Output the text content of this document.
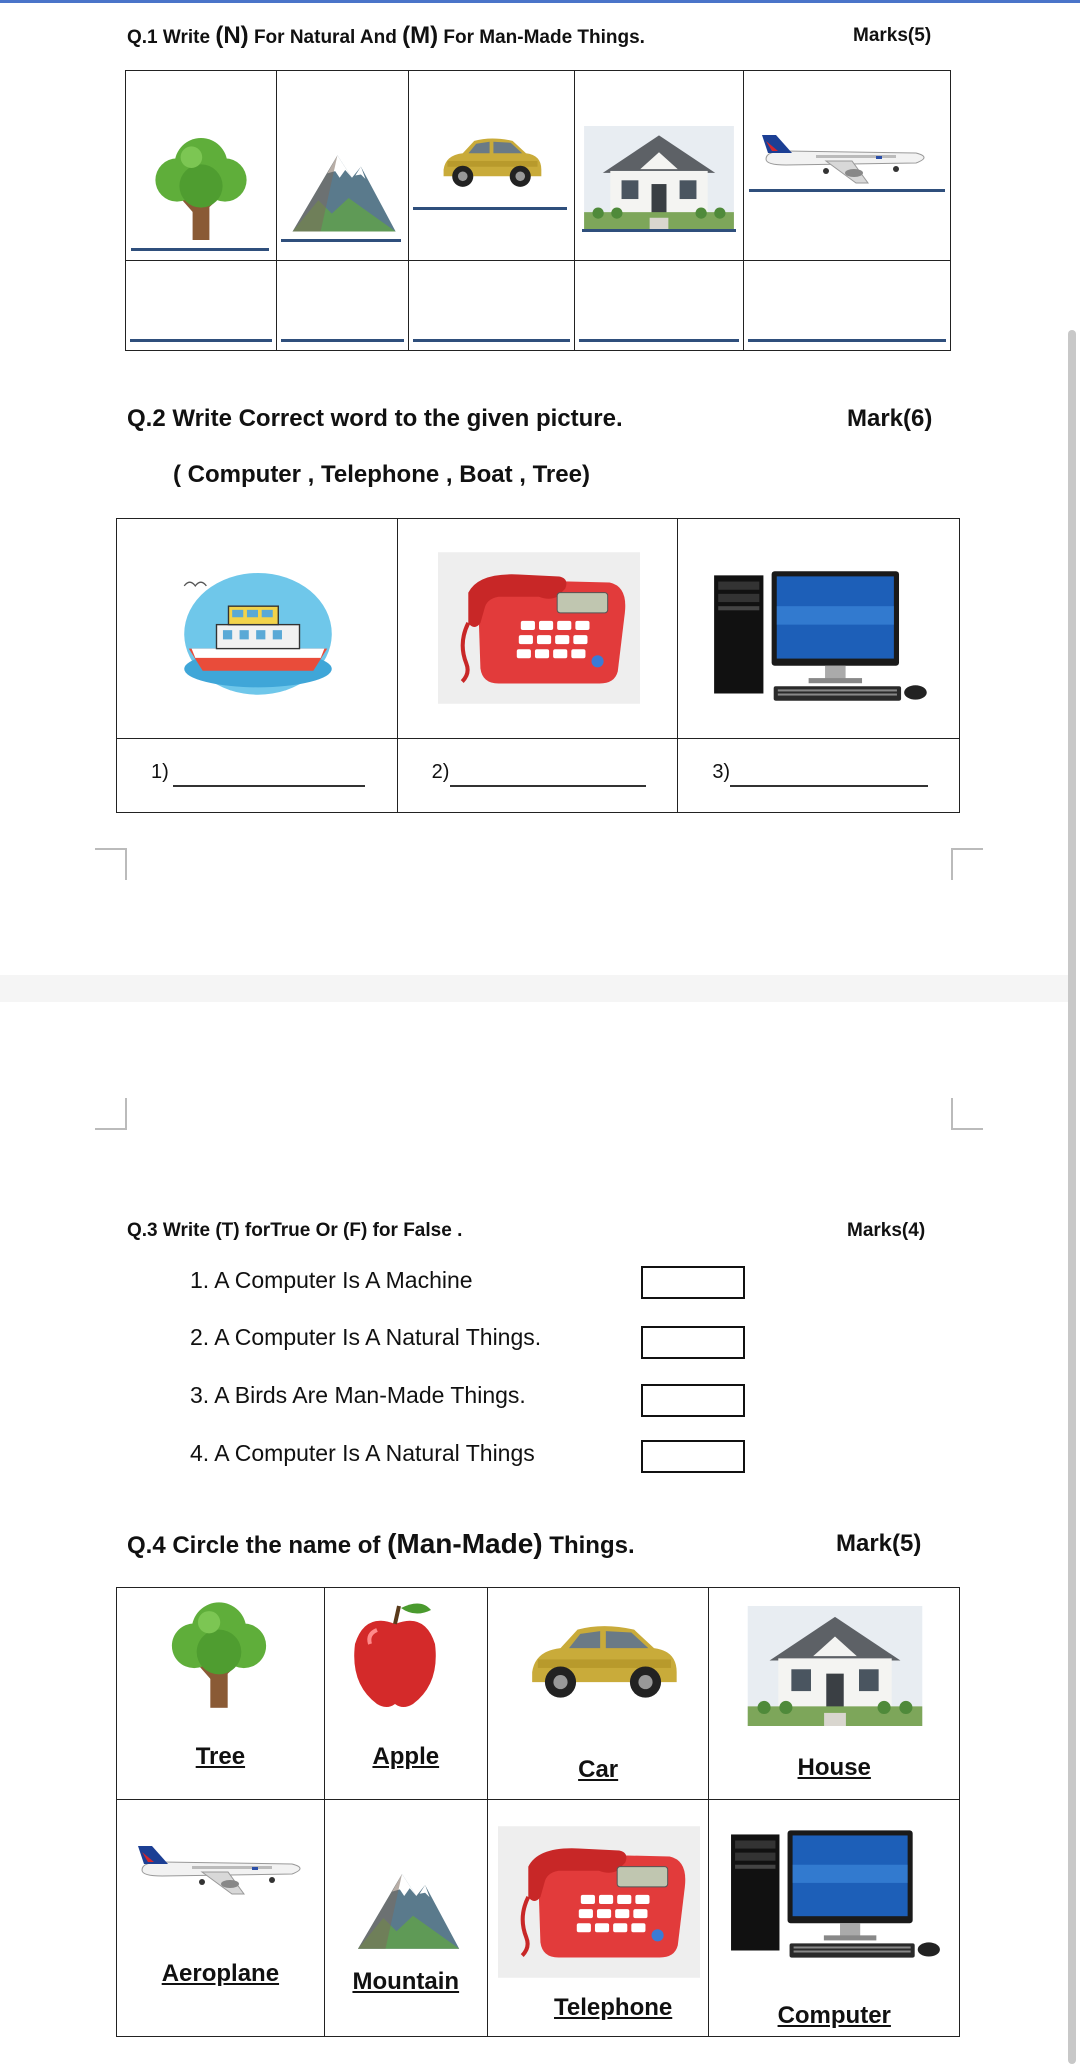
Q.1 Write (N) For Natural And (M) For Man-Made Things.	Marks(5)

Q.2 Write Correct word to the given picture.	Mark(6)
( Computer , Telephone , Boat , Tree)

1)	2)	3)
Q.3 Write (T) forTrue Or (F) for False .	Marks(4)
1. A Computer Is A Machine
2. A Computer Is A Natural Things.
3. A Birds Are Man-Made Things.
4. A Computer Is A Natural Things
Q.4 Circle the name of (Man-Made) Things.	Mark(5)
Tree	Apple	Car	House

Aeroplane	Mountain	Telephone	Computer
